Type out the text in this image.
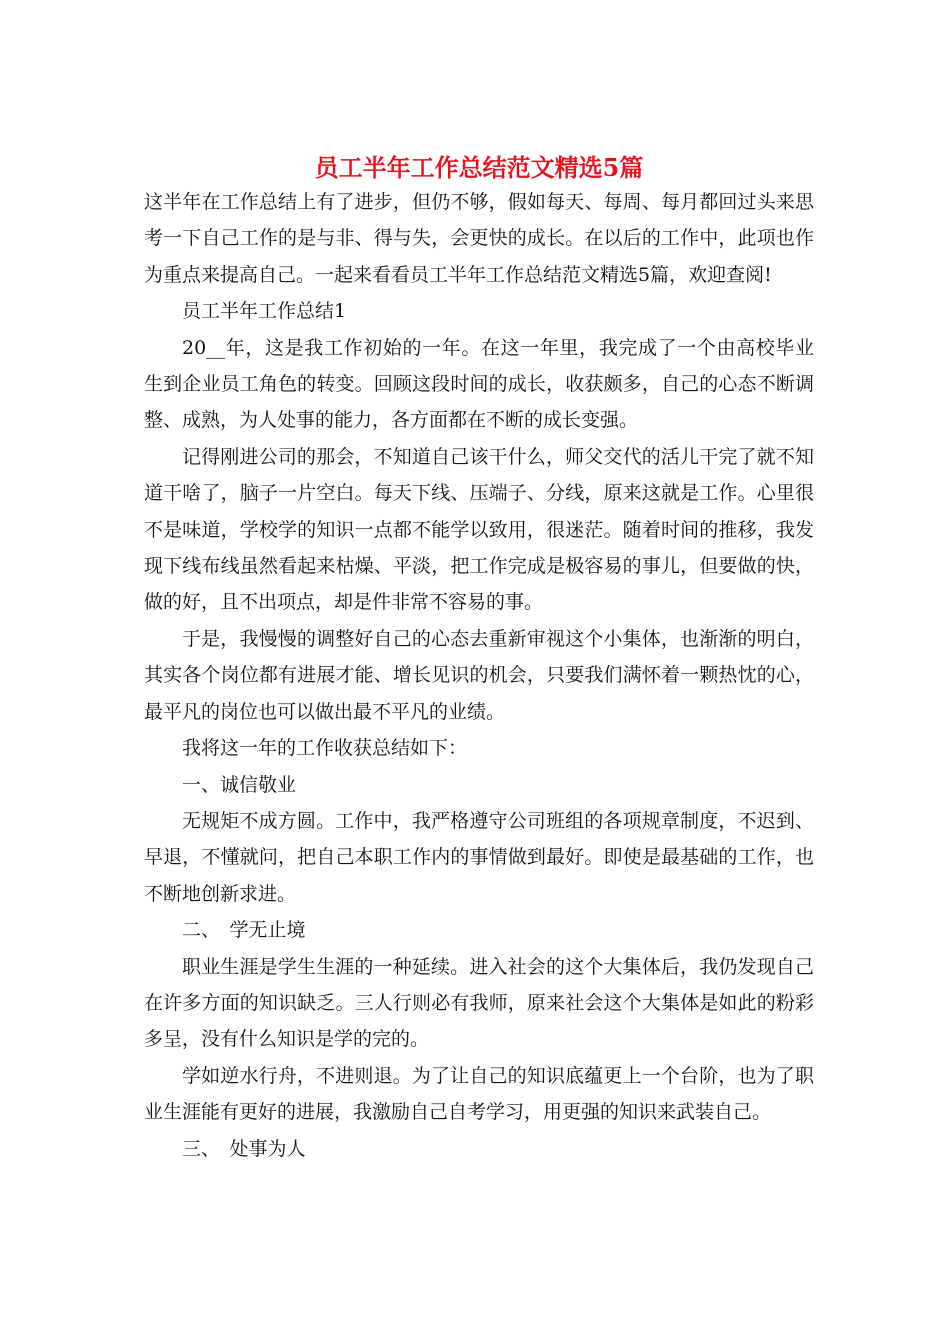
员工半年工作总结范文精选5篇

这半年在工作总结上有了进步，但仍不够，假如每天、每周、每月都回过头来思考一下自己工作的是与非、得与失，会更快的成长。在以后的工作中，此项也作为重点来提高自己。一起来看看员工半年工作总结范文精选5篇，欢迎查阅!

员工半年工作总结1

20__年，这是我工作初始的一年。在这一年里，我完成了一个由高校毕业生到企业员工角色的转变。回顾这段时间的成长，收获颇多，自己的心态不断调整、成熟，为人处事的能力，各方面都在不断的成长变强。

记得刚进公司的那会，不知道自己该干什么，师父交代的活儿干完了就不知道干啥了，脑子一片空白。每天下线、压端子、分线，原来这就是工作。心里很不是味道，学校学的知识一点都不能学以致用，很迷茫。随着时间的推移，我发现下线布线虽然看起来枯燥、平淡，把工作完成是极容易的事儿，但要做的快，做的好，且不出项点，却是件非常不容易的事。

于是，我慢慢的调整好自己的心态去重新审视这个小集体，也渐渐的明白，其实各个岗位都有进展才能、增长见识的机会，只要我们满怀着一颗热忱的心，最平凡的岗位也可以做出最不平凡的业绩。

我将这一年的工作收获总结如下：

一、诚信敬业

无规矩不成方圆。工作中，我严格遵守公司班组的各项规章制度，不迟到、早退，不懂就问，把自己本职工作内的事情做到最好。即使是最基础的工作，也不断地创新求进。

二、　学无止境

职业生涯是学生生涯的一种延续。进入社会的这个大集体后，我仍发现自己在许多方面的知识缺乏。三人行则必有我师，原来社会这个大集体是如此的粉彩多呈，没有什么知识是学的完的。

学如逆水行舟，不进则退。为了让自己的知识底蕴更上一个台阶，也为了职业生涯能有更好的进展，我激励自己自考学习，用更强的知识来武装自己。

三、　处事为人
